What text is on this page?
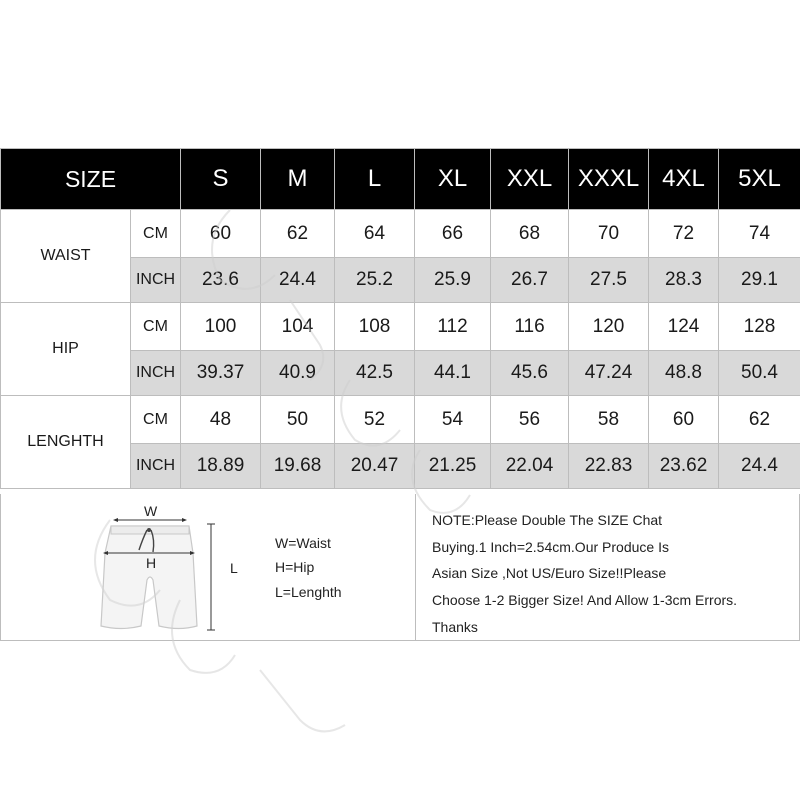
SIZE		S	M	L	XL	XXL	XXXL	4XL	5XL
WAIST	CM	60	62	64	66	68	70	72	74
	INCH	23.6	24.4	25.2	25.9	26.7	27.5	28.3	29.1
HIP	CM	100	104	108	112	116	120	124	128
	INCH	39.37	40.9	42.5	44.1	45.6	47.24	48.8	50.4
LENGHTH	CM	48	50	52	54	56	58	60	62
	INCH	18.89	19.68	20.47	21.25	22.04	22.83	23.62	24.4
W
H	L
W=Waist
H=Hip
L=Lenghth
NOTE:Please Double The SIZE Chat
Buying.1 Inch=2.54cm.Our Produce Is
Asian Size ,Not US/Euro Size!!Please
Choose 1-2 Bigger Size! And Allow 1-3cm Errors.
Thanks
